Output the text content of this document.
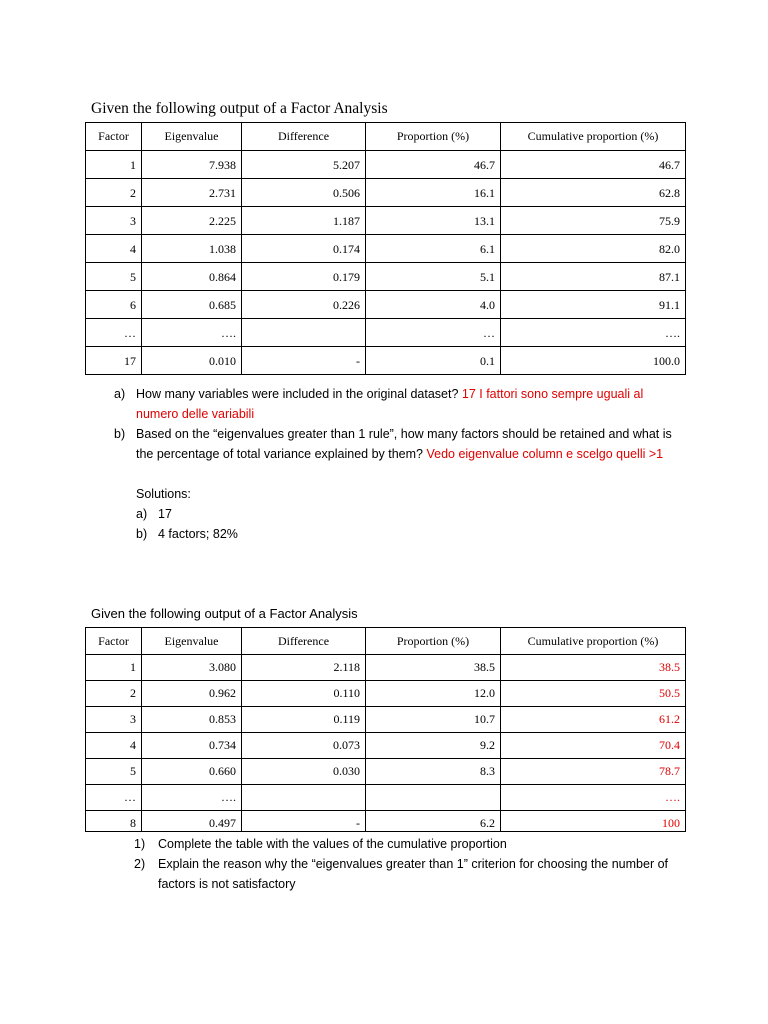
Given the following output of a Factor Analysis
Factor	Eigenvalue	Difference	Proportion (%)	Cumulative proportion (%)
1	7.938	5.207	46.7	46.7
2	2.731	0.506	16.1	62.8
3	2.225	1.187	13.1	75.9
4	1.038	0.174	6.1	82.0
5	0.864	0.179	5.1	87.1
6	0.685	0.226	4.0	91.1
…	….		…	….
17	0.010	-	0.1	100.0
a) How many variables were included in the original dataset? 17 I fattori sono sempre uguali al numero delle variabili
b) Based on the “eigenvalues greater than 1 rule”, how many factors should be retained and what is the percentage of total variance explained by them? Vedo eigenvalue column e scelgo quelli >1
Solutions:
a) 17
b) 4 factors; 82%
Given the following output of a Factor Analysis
Factor	Eigenvalue	Difference	Proportion (%)	Cumulative proportion (%)
1	3.080	2.118	38.5	38.5
2	0.962	0.110	12.0	50.5
3	0.853	0.119	10.7	61.2
4	0.734	0.073	9.2	70.4
5	0.660	0.030	8.3	78.7
…	….			….
8	0.497	-	6.2	100
1)	Complete the table with the values of the cumulative proportion
2)	Explain the reason why the “eigenvalues greater than 1” criterion for choosing the number of factors is not satisfactory
